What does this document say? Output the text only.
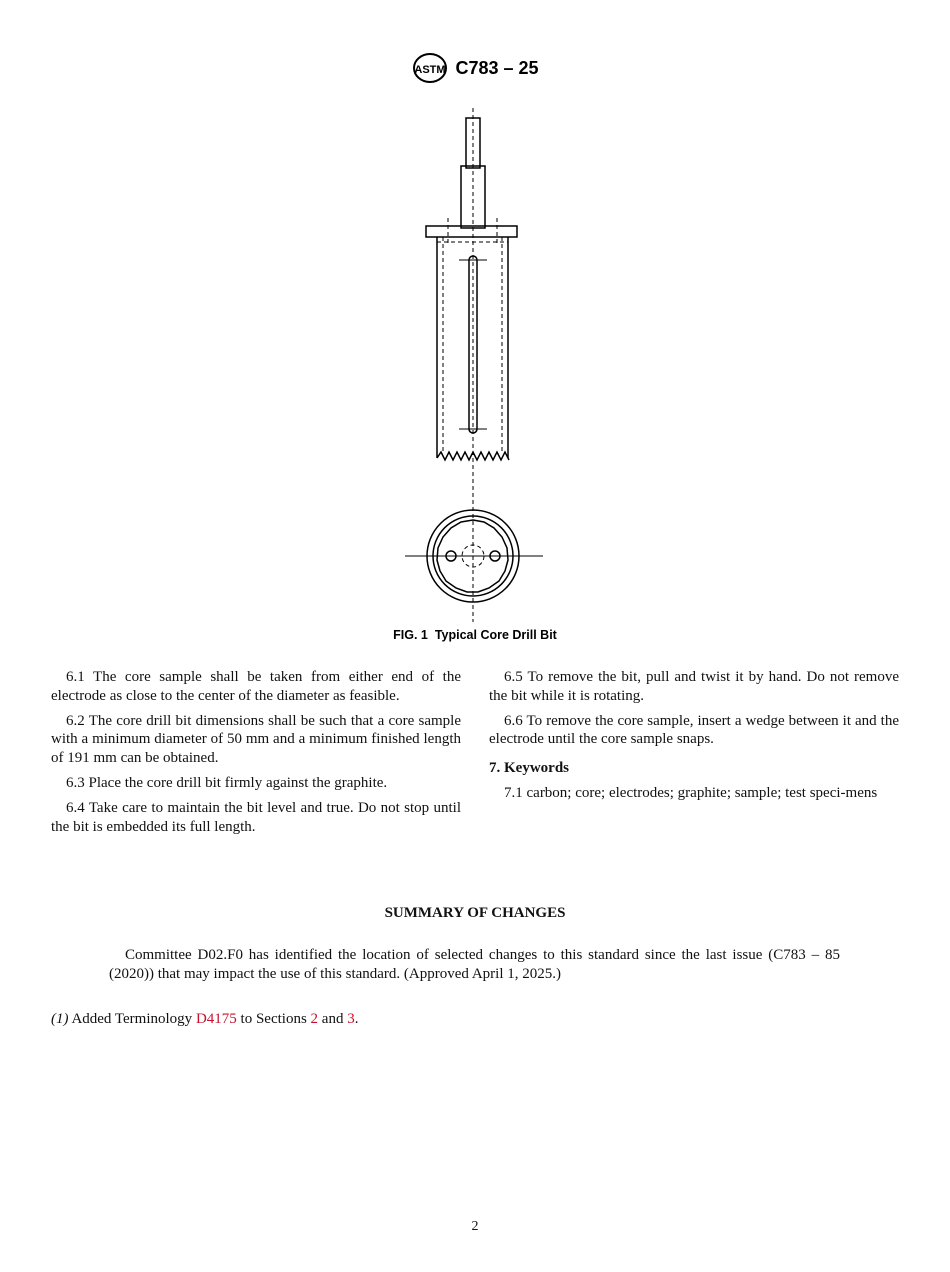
ASTM C783 – 25
FIG. 1 Typical Core Drill Bit

6.1 The core sample shall be taken from either end of the electrode as close to the center of the diameter as feasible.

6.2 The core drill bit dimensions shall be such that a core sample with a minimum diameter of 50 mm and a minimum finished length of 191 mm can be obtained.

6.3 Place the core drill bit firmly against the graphite.

6.4 Take care to maintain the bit level and true. Do not stop until the bit is embedded its full length.

6.5 To remove the bit, pull and twist it by hand. Do not remove the bit while it is rotating.

6.6 To remove the core sample, insert a wedge between it and the electrode until the core sample snaps.

7. Keywords

7.1 carbon; core; electrodes; graphite; sample; test speci-mens

SUMMARY OF CHANGES
Committee D02.F0 has identified the location of selected changes to this standard since the last issue (C783 – 85 (2020)) that may impact the use of this standard. (Approved April 1, 2025.)
(1) Added Terminology D4175 to Sections 2 and 3.
2
